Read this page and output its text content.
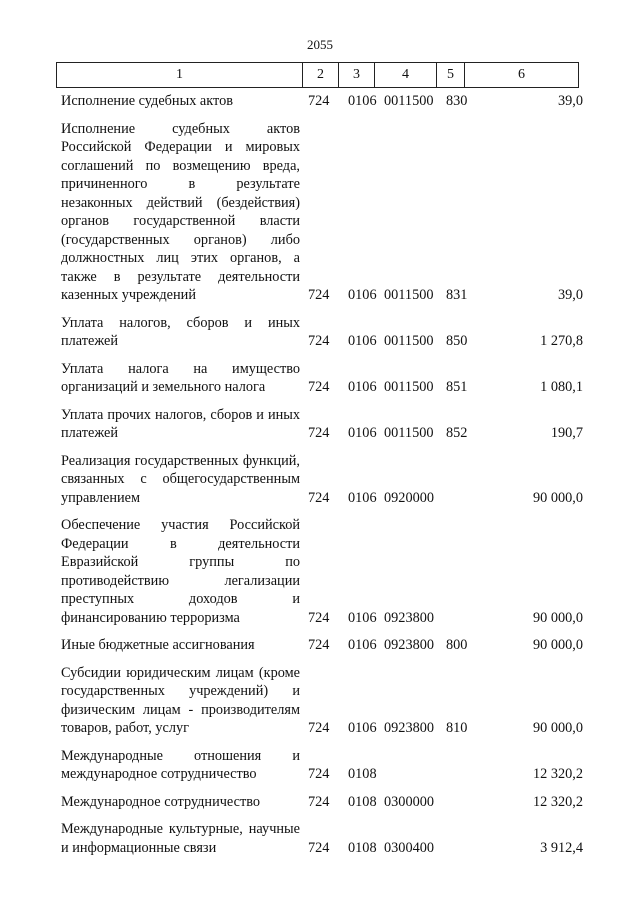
2055
1	2	3	4	5	6
Исполнение судебных актов	724 0106 0011500 830	39,0
Исполнение судебных актов Российской Федерации и мировых соглашений по возмещению вреда, причиненного в результате незаконных действий (бездействия) органов государственной власти (государственных органов) либо должностных лиц этих органов, а также в результате деятельности казенных учреждений	724 0106 0011500 831	39,0
Уплата налогов, сборов и иных платежей	724 0106 0011500 850	1 270,8
Уплата налога на имущество организаций и земельного налога	724 0106 0011500 851	1 080,1
Уплата прочих налогов, сборов и иных платежей	724 0106 0011500 852	190,7
Реализация государственных функций, связанных с общегосударственным управлением	724 0106 0920000	90 000,0
Обеспечение участия Российской Федерации в деятельности Евразийской группы по противодействию легализации преступных доходов и финансированию терроризма	724 0106 0923800	90 000,0
Иные бюджетные ассигнования	724 0106 0923800 800	90 000,0
Субсидии юридическим лицам (кроме государственных учреждений) и физическим лицам - производителям товаров, работ, услуг	724 0106 0923800 810	90 000,0
Международные отношения и международное сотрудничество	724 0108	12 320,2
Международное сотрудничество	724 0108 0300000	12 320,2
Международные культурные, научные и информационные связи	724 0108 0300400	3 912,4
